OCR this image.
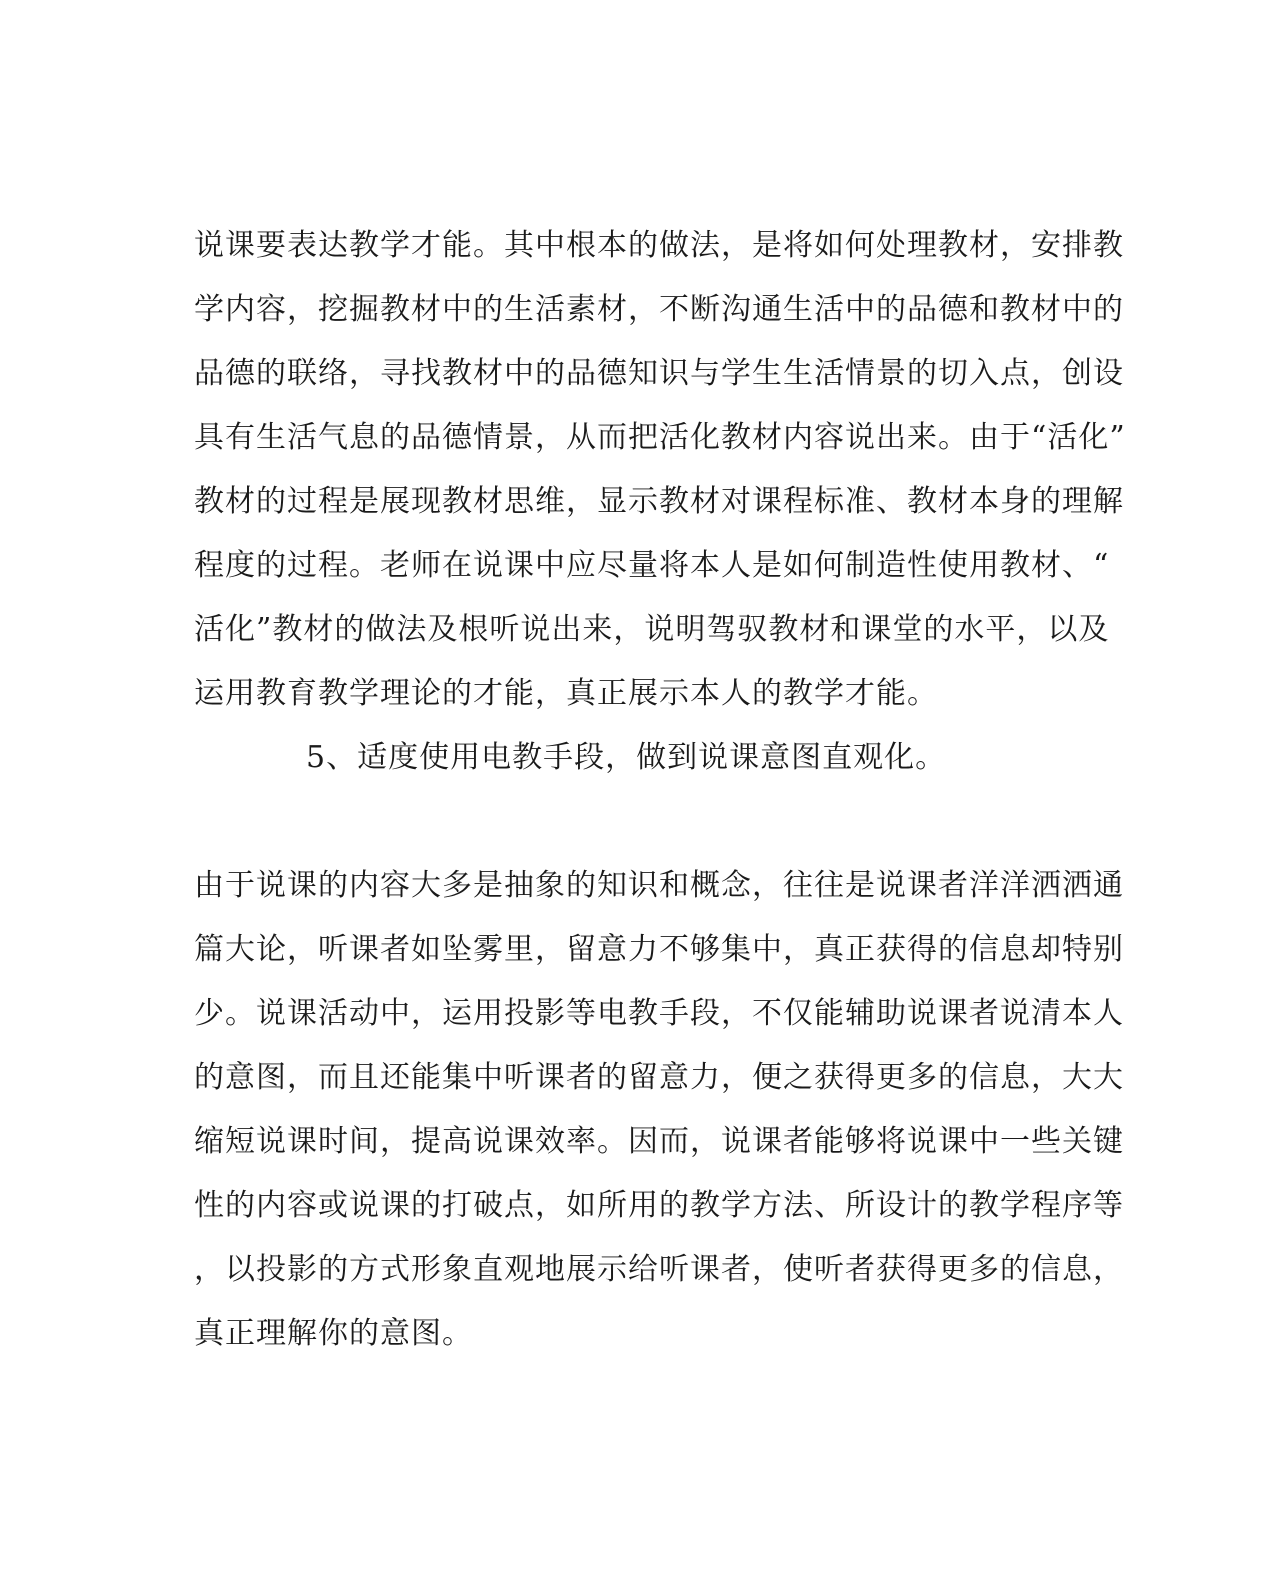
说课要表达教学才能。其中根本的做法，是将如何处理教材，安排教
学内容，挖掘教材中的生活素材，不断沟通生活中的品德和教材中的
品德的联络，寻找教材中的品德知识与学生生活情景的切入点，创设
具有生活气息的品德情景，从而把活化教材内容说出来。由于“活化”
教材的过程是展现教材思维，显示教材对课程标准、教材本身的理解
程度的过程。老师在说课中应尽量将本人是如何制造性使用教材、“
活化”教材的做法及根听说出来，说明驾驭教材和课堂的水平，以及
运用教育教学理论的才能，真正展示本人的教学才能。
5、适度使用电教手段，做到说课意图直观化。
由于说课的内容大多是抽象的知识和概念，往往是说课者洋洋洒洒通
篇大论，听课者如坠雾里，留意力不够集中，真正获得的信息却特别
少。说课活动中，运用投影等电教手段，不仅能辅助说课者说清本人
的意图，而且还能集中听课者的留意力，便之获得更多的信息，大大
缩短说课时间，提高说课效率。因而，说课者能够将说课中一些关键
性的内容或说课的打破点，如所用的教学方法、所设计的教学程序等
，以投影的方式形象直观地展示给听课者，使听者获得更多的信息，
真正理解你的意图。
